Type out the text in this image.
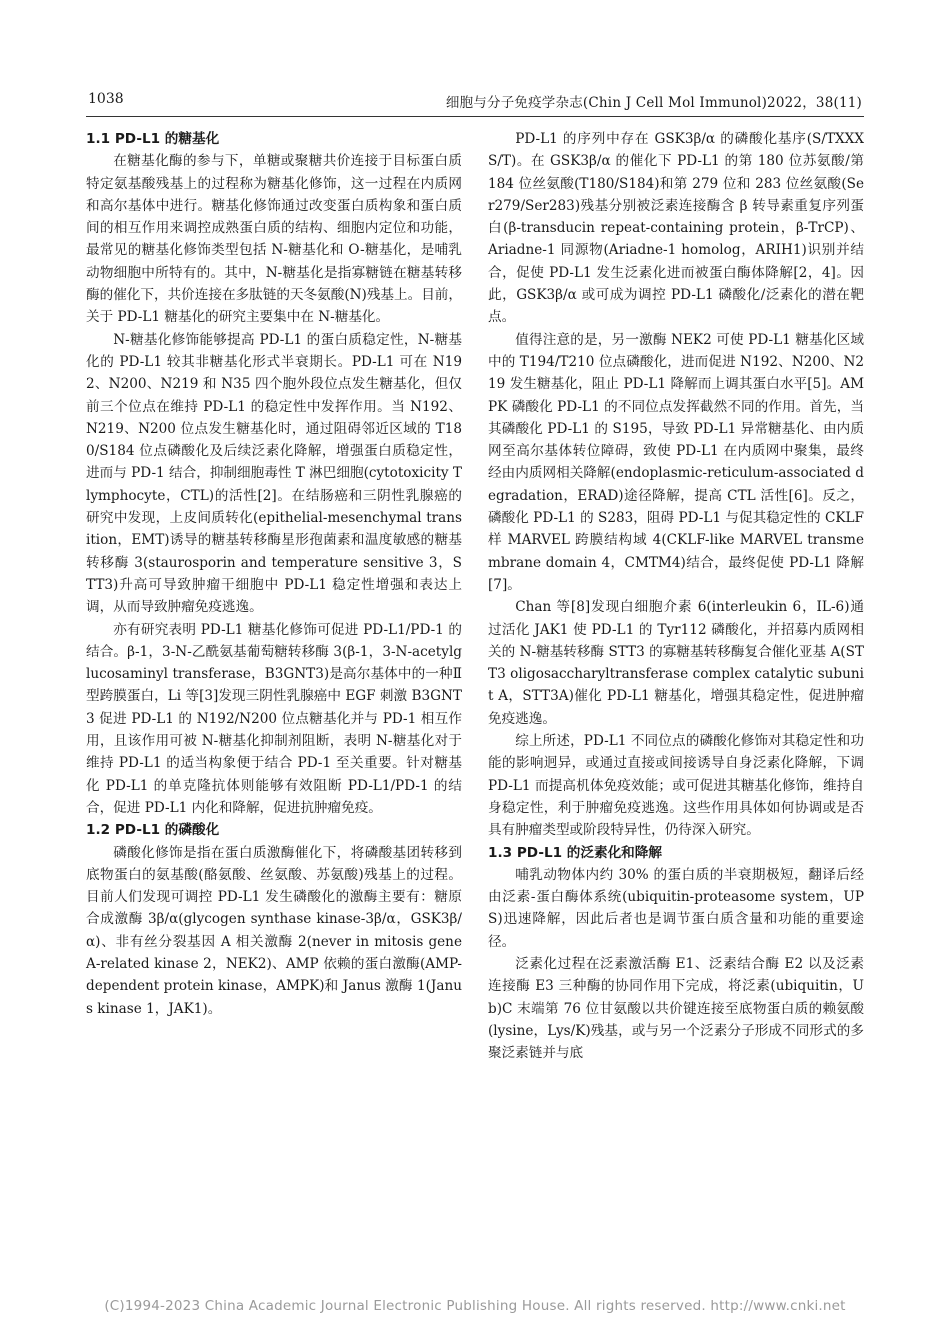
1038	细胞与分子免疫学杂志(Chin J Cell Mol Immunol)2022，38(11)
1.1 PD-L1 的糖基化

在糖基化酶的参与下，单糖或聚糖共价连接于目标蛋白质特定氨基酸残基上的过程称为糖基化修饰，这一过程在内质网和高尔基体中进行。糖基化修饰通过改变蛋白质构象和蛋白质间的相互作用来调控成熟蛋白质的结构、细胞内定位和功能，最常见的糖基化修饰类型包括 N-糖基化和 O-糖基化，是哺乳动物细胞中所特有的。其中，N-糖基化是指寡糖链在糖基转移酶的催化下，共价连接在多肽链的天冬氨酸(N)残基上。目前，关于 PD-L1 糖基化的研究主要集中在 N-糖基化。

N-糖基化修饰能够提高 PD-L1 的蛋白质稳定性，N-糖基化的 PD-L1 较其非糖基化形式半衰期长。PD-L1 可在 N192、N200、N219 和 N35 四个胞外段位点发生糖基化，但仅前三个位点在维持 PD-L1 的稳定性中发挥作用。当 N192、N219、N200 位点发生糖基化时，通过阻碍邻近区域的 T180/S184 位点磷酸化及后续泛素化降解，增强蛋白质稳定性，进而与 PD-1 结合，抑制细胞毒性 T 淋巴细胞(cytotoxicity T lymphocyte，CTL)的活性[2]。在结肠癌和三阴性乳腺癌的研究中发现，上皮间质转化(epithelial-mesenchymal transition，EMT)诱导的糖基转移酶星形孢菌素和温度敏感的糖基转移酶 3(staurosporin and temperature sensitive 3，STT3)升高可导致肿瘤干细胞中 PD-L1 稳定性增强和表达上调，从而导致肿瘤免疫逃逸。

亦有研究表明 PD-L1 糖基化修饰可促进 PD-L1/PD-1 的结合。β-1，3-N-乙酰氨基葡萄糖转移酶 3(β-1，3-N-acetylglucosaminyl transferase，B3GNT3)是高尔基体中的一种Ⅱ型跨膜蛋白，Li 等[3]发现三阴性乳腺癌中 EGF 刺激 B3GNT3 促进 PD-L1 的 N192/N200 位点糖基化并与 PD-1 相互作用，且该作用可被 N-糖基化抑制剂阻断，表明 N-糖基化对于维持 PD-L1 的适当构象便于结合 PD-1 至关重要。针对糖基化 PD-L1 的单克隆抗体则能够有效阻断 PD-L1/PD-1 的结合，促进 PD-L1 内化和降解，促进抗肿瘤免疫。

1.2 PD-L1 的磷酸化

磷酸化修饰是指在蛋白质激酶催化下，将磷酸基团转移到底物蛋白的氨基酸(酪氨酸、丝氨酸、苏氨酸)残基上的过程。目前人们发现可调控 PD-L1 发生磷酸化的激酶主要有：糖原合成激酶 3β/α(glycogen synthase kinase-3β/α，GSK3β/α)、非有丝分裂基因 A 相关激酶 2(never in mitosis gene A-related kinase 2，NEK2)、AMP 依赖的蛋白激酶(AMP-dependent protein kinase，AMPK)和 Janus 激酶 1(Janus kinase 1，JAK1)。

PD-L1 的序列中存在 GSK3β/α 的磷酸化基序(S/TXXXS/T)。在 GSK3β/α 的催化下 PD-L1 的第 180 位苏氨酸/第 184 位丝氨酸(T180/S184)和第 279 位和 283 位丝氨酸(Ser279/Ser283)残基分别被泛素连接酶含 β 转导素重复序列蛋白(β-transducin repeat-containing protein，β-TrCP)、Ariadne-1 同源物(Ariadne-1 homolog，ARIH1)识别并结合，促使 PD-L1 发生泛素化进而被蛋白酶体降解[2，4]。因此，GSK3β/α 或可成为调控 PD-L1 磷酸化/泛素化的潜在靶点。

值得注意的是，另一激酶 NEK2 可使 PD-L1 糖基化区域中的 T194/T210 位点磷酸化，进而促进 N192、N200、N219 发生糖基化，阻止 PD-L1 降解而上调其蛋白水平[5]。AMPK 磷酸化 PD-L1 的不同位点发挥截然不同的作用。首先，当其磷酸化 PD-L1 的 S195，导致 PD-L1 异常糖基化、由内质网至高尔基体转位障碍，致使 PD-L1 在内质网中聚集，最终经由内质网相关降解(endoplasmic-reticulum-associated degradation，ERAD)途径降解，提高 CTL 活性[6]。反之，磷酸化 PD-L1 的 S283，阻碍 PD-L1 与促其稳定性的 CKLF 样 MARVEL 跨膜结构域 4(CKLF-like MARVEL transmembrane domain 4，CMTM4)结合，最终促使 PD-L1 降解[7]。

Chan 等[8]发现白细胞介素 6(interleukin 6，IL-6)通过活化 JAK1 使 PD-L1 的 Tyr112 磷酸化，并招募内质网相关的 N-糖基转移酶 STT3 的寡糖基转移酶复合催化亚基 A(STT3 oligosaccharyltransferase complex catalytic subunit A，STT3A)催化 PD-L1 糖基化，增强其稳定性，促进肿瘤免疫逃逸。

综上所述，PD-L1 不同位点的磷酸化修饰对其稳定性和功能的影响迥异，或通过直接或间接诱导自身泛素化降解，下调 PD-L1 而提高机体免疫效能；或可促进其糖基化修饰，维持自身稳定性，利于肿瘤免疫逃逸。这些作用具体如何协调或是否具有肿瘤类型或阶段特异性，仍待深入研究。

1.3 PD-L1 的泛素化和降解

哺乳动物体内约 30% 的蛋白质的半衰期极短，翻译后经由泛素-蛋白酶体系统(ubiquitin-proteasome system，UPS)迅速降解，因此后者也是调节蛋白质含量和功能的重要途径。

泛素化过程在泛素激活酶 E1、泛素结合酶 E2 以及泛素连接酶 E3 三种酶的协同作用下完成，将泛素(ubiquitin，Ub)C 末端第 76 位甘氨酸以共价键连接至底物蛋白质的赖氨酸(lysine，Lys/K)残基，或与另一个泛素分子形成不同形式的多聚泛素链并与底

(C)1994-2023 China Academic Journal Electronic Publishing House. All rights reserved. http://www.cnki.net
